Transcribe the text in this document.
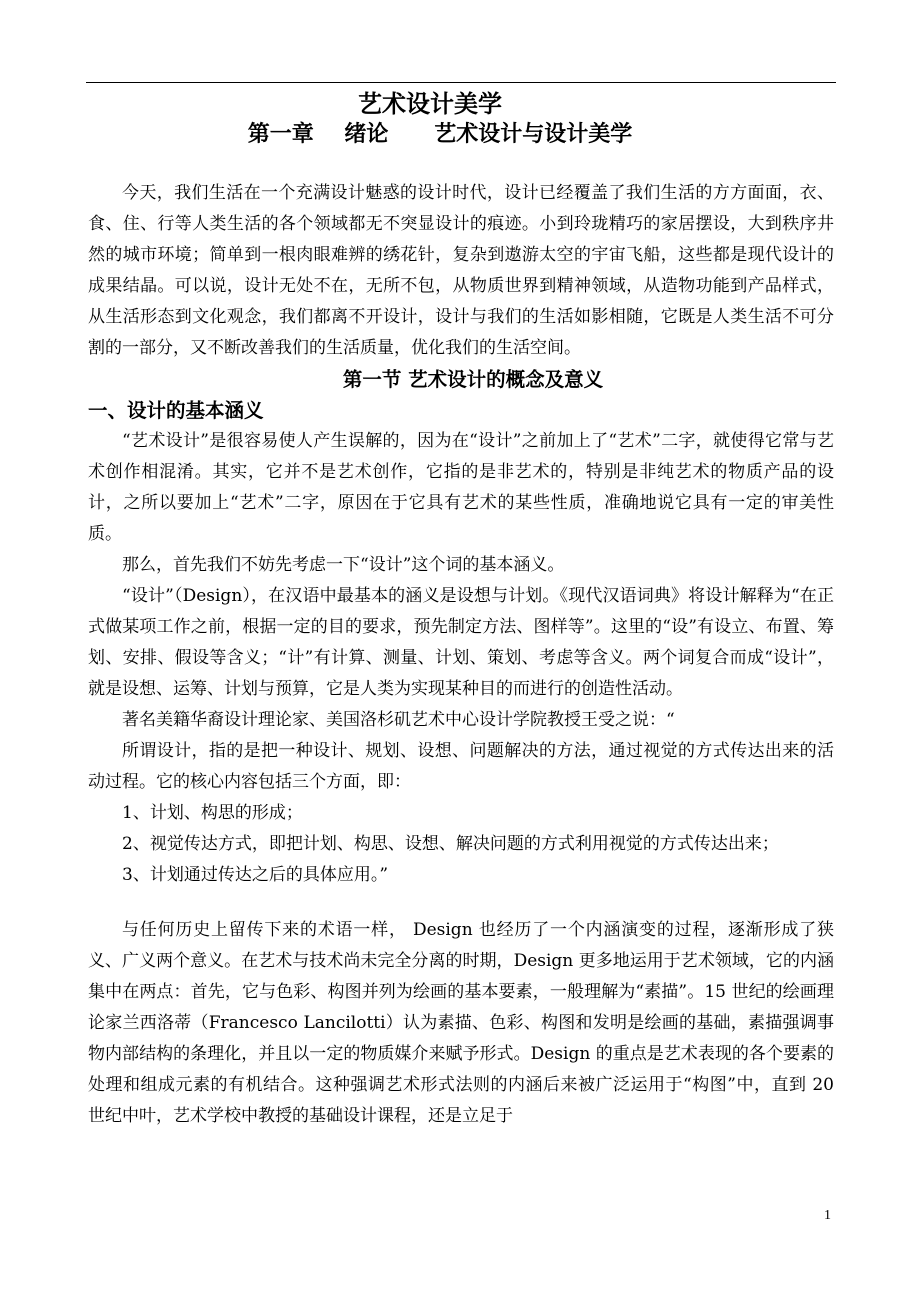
艺术设计美学
第一章    绪论      艺术设计与设计美学

今天，我们生活在一个充满设计魅惑的设计时代，设计已经覆盖了我们生活的方方面面，衣、食、住、行等人类生活的各个领域都无不突显设计的痕迹。小到玲珑精巧的家居摆设，大到秩序井然的城市环境；简单到一根肉眼难辨的绣花针，复杂到遨游太空的宇宙飞船，这些都是现代设计的成果结晶。可以说，设计无处不在，无所不包，从物质世界到精神领域，从造物功能到产品样式，从生活形态到文化观念，我们都离不开设计，设计与我们的生活如影相随，它既是人类生活不可分割的一部分，又不断改善我们的生活质量，优化我们的生活空间。

第一节 艺术设计的概念及意义
一、设计的基本涵义

“艺术设计”是很容易使人产生误解的，因为在“设计”之前加上了“艺术”二字，就使得它常与艺术创作相混淆。其实，它并不是艺术创作，它指的是非艺术的，特别是非纯艺术的物质产品的设计，之所以要加上“艺术”二字，原因在于它具有艺术的某些性质，准确地说它具有一定的审美性质。

那么，首先我们不妨先考虑一下“设计”这个词的基本涵义。

“设计”（Design），在汉语中最基本的涵义是设想与计划。《现代汉语词典》将设计解释为“在正式做某项工作之前，根据一定的目的要求，预先制定方法、图样等”。这里的“设”有设立、布置、筹划、安排、假设等含义；“计”有计算、测量、计划、策划、考虑等含义。两个词复合而成“设计”，就是设想、运筹、计划与预算，它是人类为实现某种目的而进行的创造性活动。

著名美籍华裔设计理论家、美国洛杉矶艺术中心设计学院教授王受之说：“

所谓设计，指的是把一种设计、规划、设想、问题解决的方法，通过视觉的方式传达出来的活动过程。它的核心内容包括三个方面，即：

1、计划、构思的形成；

2、视觉传达方式，即把计划、构思、设想、解决问题的方式利用视觉的方式传达出来；

3、计划通过传达之后的具体应用。”

与任何历史上留传下来的术语一样， Design 也经历了一个内涵演变的过程，逐渐形成了狭义、广义两个意义。在艺术与技术尚未完全分离的时期，Design 更多地运用于艺术领域，它的内涵集中在两点：首先，它与色彩、构图并列为绘画的基本要素，一般理解为“素描”。15 世纪的绘画理论家兰西洛蒂（Francesco Lancilotti）认为素描、色彩、构图和发明是绘画的基础，素描强调事物内部结构的条理化，并且以一定的物质媒介来赋予形式。Design 的重点是艺术表现的各个要素的处理和组成元素的有机结合。这种强调艺术形式法则的内涵后来被广泛运用于“构图”中，直到 20 世纪中叶，艺术学校中教授的基础设计课程，还是立足于

1
